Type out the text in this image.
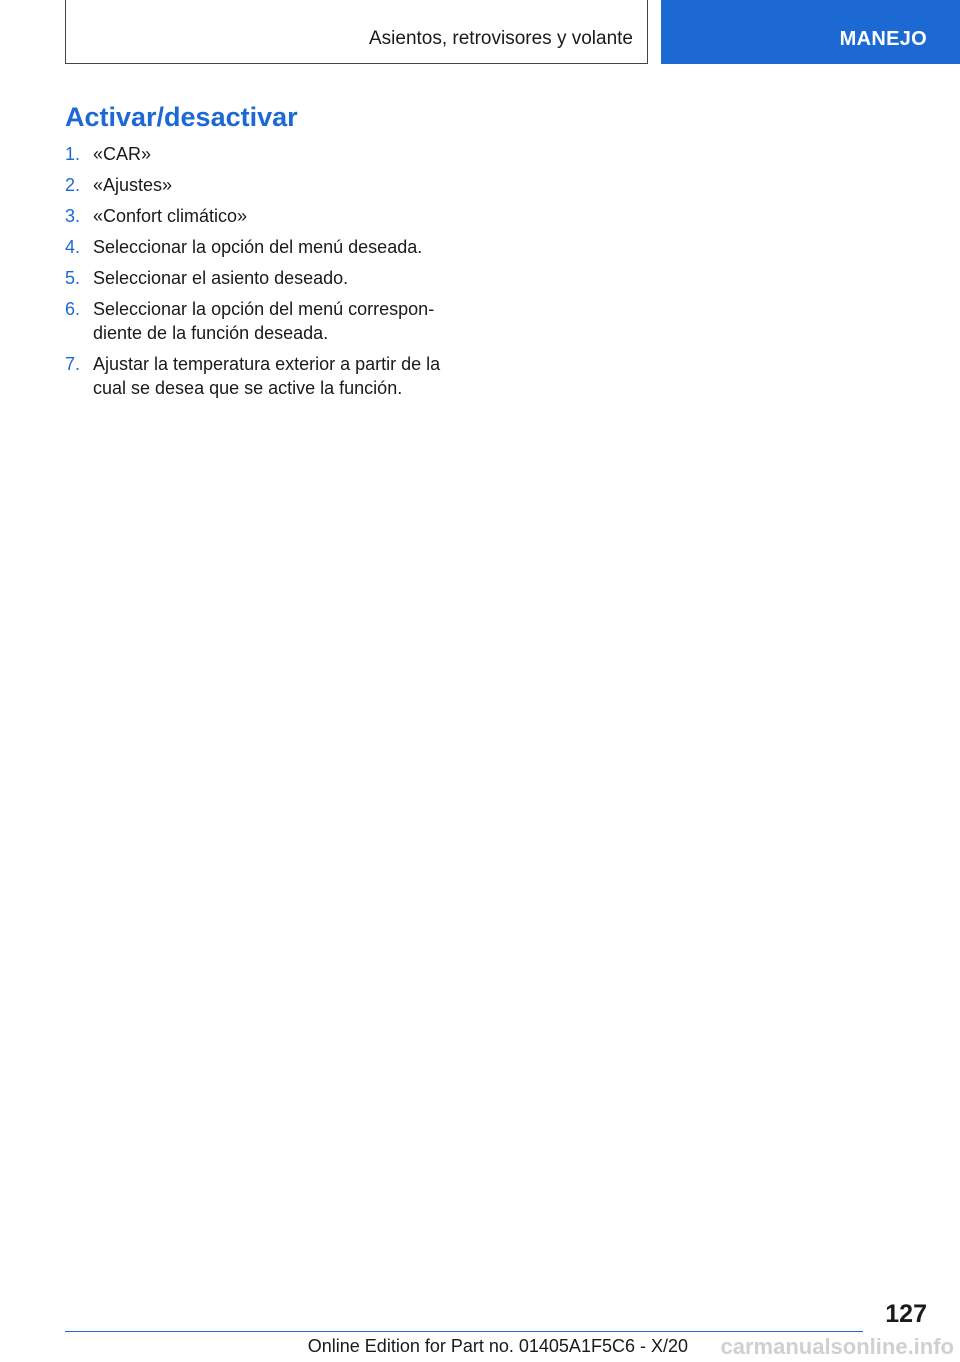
Asientos, retrovisores y volante	MANEJO
Activar/desactivar
1. «CAR»
2. «Ajustes»
3. «Confort climático»
4. Seleccionar la opción del menú deseada.
5. Seleccionar el asiento deseado.
6. Seleccionar la opción del menú correspondiente de la función deseada.
7. Ajustar la temperatura exterior a partir de la cual se desea que se active la función.
127
Online Edition for Part no. 01405A1F5C6 - X/20 carmanualsonline.info
